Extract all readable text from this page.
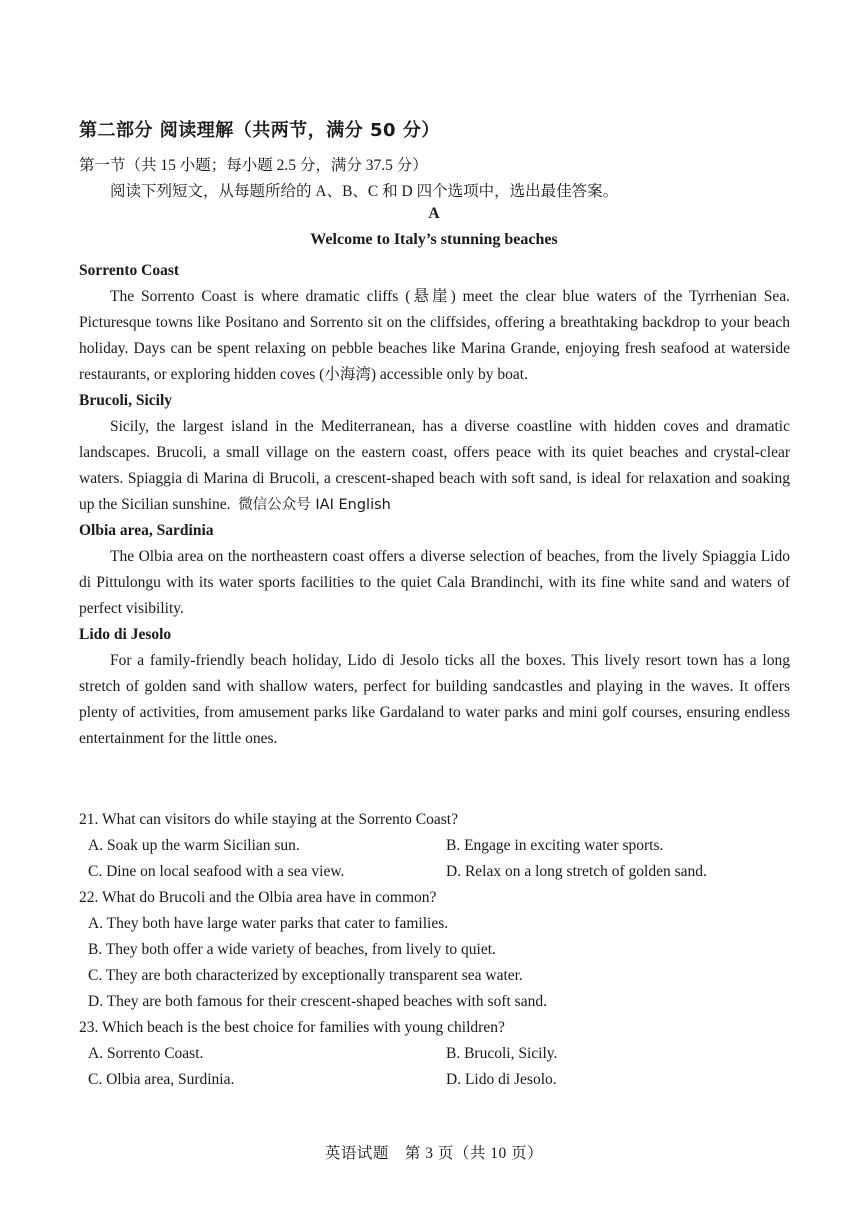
第二部分 阅读理解（共两节，满分 50 分）
第一节（共 15 小题；每小题 2.5 分，满分 37.5 分）
阅读下列短文，从每题所给的 A、B、C 和 D 四个选项中，选出最佳答案。
A
Welcome to Italy’s stunning beaches
Sorrento Coast

The Sorrento Coast is where dramatic cliffs (悬崖) meet the clear blue waters of the Tyrrhenian Sea. Picturesque towns like Positano and Sorrento sit on the cliffsides, offering a breathtaking backdrop to your beach holiday. Days can be spent relaxing on pebble beaches like Marina Grande, enjoying fresh seafood at waterside restaurants, or exploring hidden coves (小海湾) accessible only by boat.

Brucoli, Sicily

Sicily, the largest island in the Mediterranean, has a diverse coastline with hidden coves and dramatic landscapes. Brucoli, a small village on the eastern coast, offers peace with its quiet beaches and crystal-clear waters. Spiaggia di Marina di Brucoli, a crescent-shaped beach with soft sand, is ideal for relaxation and soaking up the Sicilian sunshine. 微信公众号 IAI English

Olbia area, Sardinia

The Olbia area on the northeastern coast offers a diverse selection of beaches, from the lively Spiaggia Lido di Pittulongu with its water sports facilities to the quiet Cala Brandinchi, with its fine white sand and waters of perfect visibility.

Lido di Jesolo

For a family-friendly beach holiday, Lido di Jesolo ticks all the boxes. This lively resort town has a long stretch of golden sand with shallow waters, perfect for building sandcastles and playing in the waves. It offers plenty of activities, from amusement parks like Gardaland to water parks and mini golf courses, ensuring endless entertainment for the little ones.

21. What can visitors do while staying at the Sorrento Coast?

A. Soak up the warm Sicilian sun.	B. Engage in exciting water sports.
C. Dine on local seafood with a sea view.	D. Relax on a long stretch of golden sand.

22. What do Brucoli and the Olbia area have in common?

A. They both have large water parks that cater to families.

B. They both offer a wide variety of beaches, from lively to quiet.

C. They are both characterized by exceptionally transparent sea water.

D. They are both famous for their crescent-shaped beaches with soft sand.

23. Which beach is the best choice for families with young children?

A. Sorrento Coast.	B. Brucoli, Sicily.
C. Olbia area, Surdinia.	D. Lido di Jesolo.
英语试题　第 3 页（共 10 页）
